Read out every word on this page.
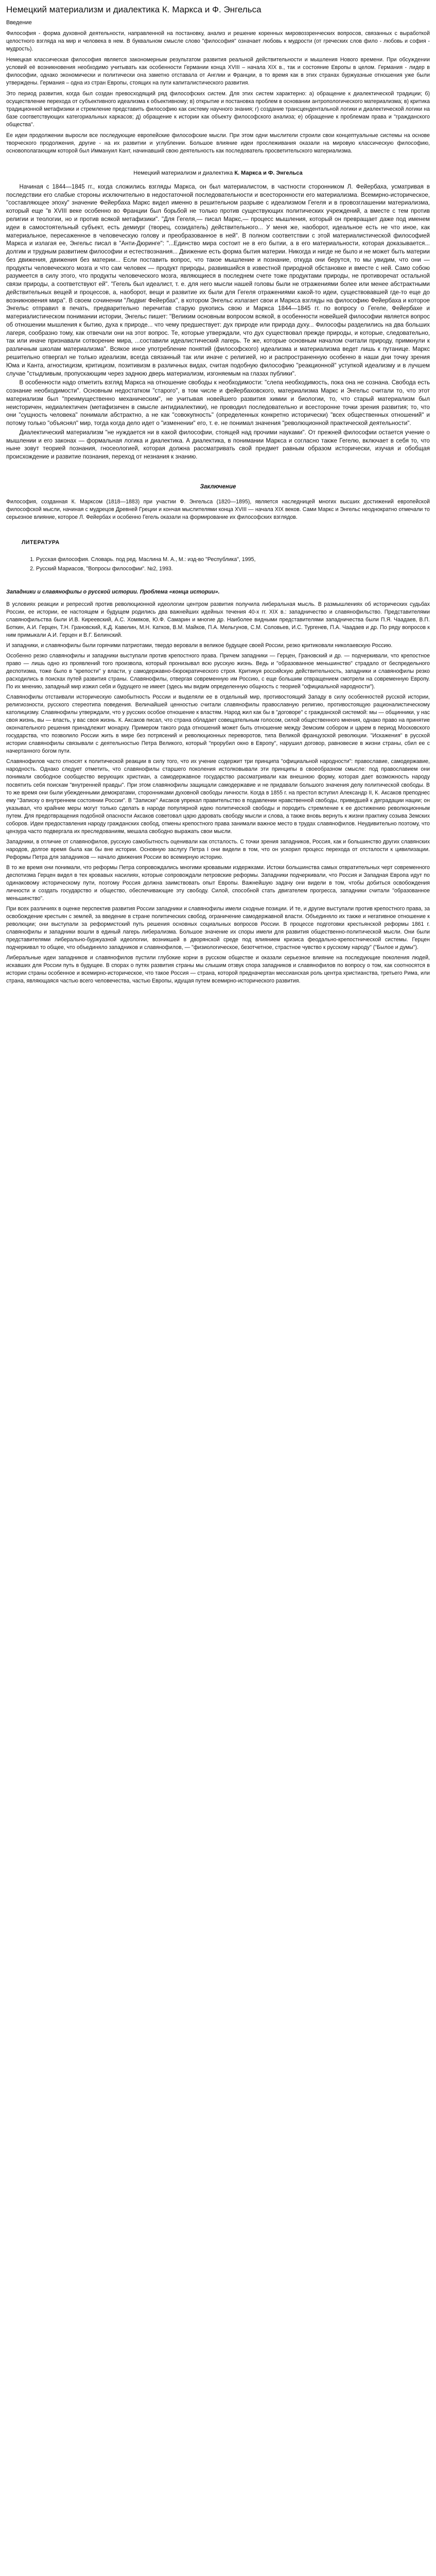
Немецкий материализм и диалектика К. Маркса и Ф. Энгельса
Введение

Философия - форма духовной деятельности, направленной на постановку, анализ и решение коренных мировоззренческих вопросов, связанных с выработкой целостного взгляда на мир и человека в нем. В буквальном смысле слово "философия" означает любовь к мудрости (от греческих слов фило - любовь и софия - мудрость).

Немецкая классическая философия является закономерным результатом развития реальной действительности и мышления Нового времени. При обсуждении условий её возникновения необходимо учитывать как особенности Германии конца XVIII – начала XIX в., так и состояние Европы в целом. Германия - лидер в философии, однако экономически и политически она заметно отставала от Англии и Франции, в то время как в этих странах буржуазные отношения уже были утверждены. Германия – одна из стран Европы, стоящих на пути капиталистического развития.

Это период развития, когда был создан превосходящий ряд философских систем. Для этих систем характерно: а) обращение к диалектической традиции; б) осуществление перехода от субъективного идеализма к объективному; в) открытие и постановка проблем в основании антропологического материализма; в) критика традиционной метафизики и стремление представить философию как систему научного знания; г) создание трансцендентальной логики и диалектической логики на базе соответствующих категориальных каркасов; д) обращение к истории как объекту философского анализа; е) обращение к проблемам права и "гражданского общества".

Ее идеи продолжении выросли все последующие европейские философские мысли. При этом одни мыслители строили свои концептуальные системы на основе творческого продолжения, другие - на их развитии и углублении. Большое влияние идеи прослеживания оказали на мировую классическую философию, основополагающим которой был Иммануил Кант, начинавший свою деятельность как последователь просветительского материализма.

Немецкий материализм и диалектика К. Маркса и Ф. Энгельса

Начиная с 1844—1845 гг., когда сложились взгляды Маркса, он был материалистом, в частности сторонником Л. Фейербаха, усматривая в последствии его слабые стороны исключительно в недостаточной последовательности и всесторонности его материализма. Всемирно-историческое, "составляющее эпоху" значение Фейербаха Маркс видел именно в решительном разрыве с идеализмом Гегеля и в провозглашении материализма, который еще "в XVIII веке особенно во Франции был борьбой не только против существующих политических учреждений, а вместе с тем против религии и теологии, но и против всякой метафизики". "Для Гегеля,— писал Маркс,— процесс мышления, который он превращает даже под именем идеи в самостоятельный субъект, есть демиург (творец, созидатель) действительного... У меня же, наоборот, идеальное есть не что иное, как материальное, пересаженное в человеческую голову и преобразованное в ней". В полном соответствии с этой материалистической философией Маркса и излагая ее, Энгельс писал в "Анти-Дюринге": "...Единство мира состоит не в его бытии, а в его материальности, которая доказывается... долгим и трудным развитием философии и естествознания... Движение есть форма бытия материи. Никогда и нигде не было и не может быть материи без движения, движения без материи... Если поставить вопрос, что такое мышление и познание, откуда они берутся, то мы увидим, что они — продукты человеческого мозга и что сам человек — продукт природы, развившийся в известной природной обстановке и вместе с ней. Само собою разумеется в силу этого, что продукты человеческого мозга, являющиеся в последнем счете тоже продуктами природы, не противоречат остальной связи природы, а соответствуют ей". "Гегель был идеалист, т. е. для него мысли нашей головы были не отражениями более или менее абстрактными действительных вещей и процессов, а, наоборот, вещи и развитие их были для Гегеля отражениями какой-то идеи, существовавшей где-то еще до возникновения мира". В своем сочинении "Людвиг Фейербах", в котором Энгельс излагает свои и Маркса взгляды на философию Фейербаха и которое Энгельс отправил в печать, предварительно перечитав старую рукопись свою и Маркса 1844—1845 гг. по вопросу о Гегеле, Фейербахе и материалистическом понимании истории, Энгельс пишет: "Великим основным вопросом всякой, в особенности новейшей философии является вопрос об отношении мышления к бытию, духа к природе... что чему предшествует: дух природе или природа духу... Философы разделились на два больших лагеря, сообразно тому, как отвечали они на этот вопрос. Те, которые утверждали, что дух существовал прежде природы, и которые, следовательно, так или иначе признавали сотворение мира, ...составили идеалистический лагерь. Те же, которые основным началом считали природу, примкнули к различным школам материализма". Всякое иное употребление понятий (философского) идеализма и материализма ведет лишь к путанице. Маркс решительно отвергал не только идеализм, всегда связанный так или иначе с религией, но и распространенную особенно в наши дни точку зрения Юма и Канта, агностицизм, критицизм, позитивизм в различных видах, считая подобную философию "реакционной" уступкой идеализму и в лучшем случае "стыдливым, пропускающим через заднюю дверь материализм, изгоняемым на глазах публики".

В особенности надо отметить взгляд Маркса на отношение свободы к необходимости: "слепа необходимость, пока она не сознана. Свобода есть сознание необходимости". Основным недостатком "старого", в том числе и фейербаховского, материализма Маркс и Энгельс считали то, что этот материализм был "преимущественно механическим", не учитывая новейшего развития химии и биологии, то, что старый материализм был неисторичен, недиалектичен (метафизичен в смысле антидиалектики), не проводил последовательно и всесторонне точки зрения развития; то, что они "сущность человека" понимали абстрактно, а не как "совокупность" (определенных конкретно исторически) "всех общественных отношений" и потому только "объяснял" мир, тогда когда дело идет о "изменении" его, т. е. не понимал значения "революционной практической деятельности".

Диалектический материализм "не нуждается ни в какой философии, стоящей над прочими науками". От прежней философии остается учение о мышлении и его законах — формальная логика и диалектика. А диалектика, в понимании Маркса и согласно также Гегелю, включает в себя то, что ныне зовут теорией познания, гносеологией, которая должна рассматривать свой предмет равным образом исторически, изучая и обобщая происхождение и развитие познания, переход от незнания к знанию.

Заключение

Философия, созданная К. Марксом (1818—1883) при участии Ф. Энгельса (1820—1895), является наследницей многих высших достижений европейской философской мысли, начиная с мудрецов Древней Греции и кончая мыслителями конца XVIII — начала XIX веков. Сами Маркс и Энгельс неоднократно отмечали то серьезное влияние, которое Л. Фейербах и особенно Гегель оказали на формирование их философских взглядов.

ЛИТЕРАТУРА
1. Русская философия. Словарь. под ред. Маслина М. А., М.: изд-во "Республика", 1995,
2. Русский Мариасов, "Вопросы философии". №2, 1993.
Западники и славянофилы о русской истории. Проблема «конца истории».

В условиях реакции и репрессий против революционной идеологии центром развития получила либеральная мысль. В размышлениях об исторических судьбах России, ее истории, ее настоящем и будущем родились два важнейших идейных течения 40-х гг. XIX в.: западничество и славянофильство. Представителями славянофильства были И.В. Киреевский, А.С. Хомяков, Ю.Ф. Самарин и многие др. Наиболее видными представителями западничества были П.Я. Чаадаев, В.П. Боткин, А.И. Герцен, Т.Н. Грановский, К.Д. Кавелин, М.Н. Катков, В.М. Майков, П.А. Мельгунов, С.М. Соловьев, И.С. Тургенев, П.А. Чаадаев и др. По ряду вопросов к ним примыкали А.И. Герцен и В.Г. Белинский.

И западники, и славянофилы были горячими патриотами, твердо веровали в великое будущее своей России, резко критиковали николаевскую Россию.

Особенно резко славянофилы и западники выступали против крепостного права. Причем западники — Герцен, Грановский и др. — подчеркивали, что крепостное право — лишь одно из проявлений того произвола, который пронизывал всю русскую жизнь. Ведь и "образованное меньшинство" страдало от беспредельного деспотизма, тоже было в "крепости" у власти, у самодержавно-бюрократического строя. Критикуя российскую действительность, западники и славянофилы резко расходились в поисках путей развития страны. Славянофилы, отвергая современную им Россию, с еще большим отвращением смотрели на современную Европу. По их мнению, западный мир изжил себя и будущего не имеет (здесь мы видим определенную общность с теорией "официальной народности").

Славянофилы отстаивали историческую самобытность России и выделяли ее в отдельный мир, противостоящий Западу в силу особенностей русской истории, религиозности, русского стереотипа поведения. Величайшей ценностью считали славянофилы православную религию, противостоящую рационалистическому католицизму. Славянофилы утверждали, что у русских особое отношение к властям. Народ жил как бы в "договоре" с гражданской системой: мы — общинники, у нас своя жизнь, вы — власть, у вас своя жизнь. К. Аксаков писал, что страна обладает совещательным голосом, силой общественного мнения, однако право на принятие окончательного решения принадлежит монарху. Примером такого рода отношений может быть отношение между Земским собором и царем в период Московского государства, что позволило России жить в мире без потрясений и революционных переворотов, типа Великой французской революции. "Искажения" в русской истории славянофилы связывали с деятельностью Петра Великого, который "прорубил окно в Европу", нарушил договор, равновесие в жизни страны, сбил ее с начертанного богом пути.

Славянофилов часто относят к политической реакции в силу того, что их учение содержит три принципа "официальной народности": православие, самодержавие, народность. Однако следует отметить, что славянофилы старшего поколения истолковывали эти принципы в своеобразном смысле: под православием они понимали свободное сообщество верующих христиан, а самодержавное государство рассматривали как внешнюю форму, которая дает возможность народу посвятить себя поискам "внутренней правды". При этом славянофилы защищали самодержавие и не придавали большого значения делу политической свободы. В то же время они были убежденными демократами, сторонниками духовной свободы личности. Когда в 1855 г. на престол вступил Александр II, К. Аксаков преподнес ему "Записку о внутреннем состоянии России". В "Записке" Аксаков упрекал правительство в подавлении нравственной свободы, приведшей к деградации нации; он указывал, что крайние меры могут только сделать в народе популярной идею политической свободы и породить стремление к ее достижению революционным путем. Для предотвращения подобной опасности Аксаков советовал царю даровать свободу мысли и слова, а также вновь вернуть к жизни практику созыва Земских соборов. Идеи предоставления народу гражданских свобод, отмены крепостного права занимали важное место в трудах славянофилов. Неудивительно поэтому, что цензура часто подвергала их преследованиям, мешала свободно выражать свои мысли.

Западники, в отличие от славянофилов, русскую самобытность оценивали как отсталость. С точки зрения западников, Россия, как и большинство других славянских народов, долгое время была как бы вне истории. Основную заслугу Петра I они видели в том, что он ускорил процесс перехода от отсталости к цивилизации. Реформы Петра для западников — начало движения России во всемирную историю.

В то же время они понимали, что реформы Петра сопровождались многими кровавыми издержками. Истоки большинства самых отвратительных черт современного деспотизма Герцен видел в тех кровавых насилиях, которые сопровождали петровские реформы. Западники подчеркивали, что Россия и Западная Европа идут по одинаковому историческому пути, поэтому Россия должна заимствовать опыт Европы. Важнейшую задачу они видели в том, чтобы добиться освобождения личности и создать государство и общество, обеспечивающие эту свободу. Силой, способной стать двигателем прогресса, западники считали "образованное меньшинство".

При всех различиях в оценке перспектив развития России западники и славянофилы имели сходные позиции. И те, и другие выступали против крепостного права, за освобождение крестьян с землей, за введение в стране политических свобод, ограничение самодержавной власти. Объединяло их также и негативное отношение к революции; они выступали за реформистский путь решения основных социальных вопросов России. В процессе подготовки крестьянской реформы 1861 г. славянофилы и западники вошли в единый лагерь либерализма. Большое значение их споры имели для развития общественно-политической мысли. Они были представителями либерально-буржуазной идеологии, возникшей в дворянской среде под влиянием кризиса феодально-крепостнической системы. Герцен подчеркивал то общее, что объединяло западников и славянофилов, — "физиологическое, безотчетное, страстное чувство к русскому народу" ("Былое и думы").

Либеральные идеи западников и славянофилов пустили глубокие корни в русском обществе и оказали серьезное влияние на последующие поколения людей, искавших для России путь в будущее. В спорах о путях развития страны мы слышим отзвук спора западников и славянофилов по вопросу о том, как соотносятся в истории страны особенное и всемирно-историческое, что такое Россия — страна, которой предначертан мессианская роль центра христианства, третьего Рима, или страна, являющаяся частью всего человечества, частью Европы, идущая путем всемирно-исторического развития.
